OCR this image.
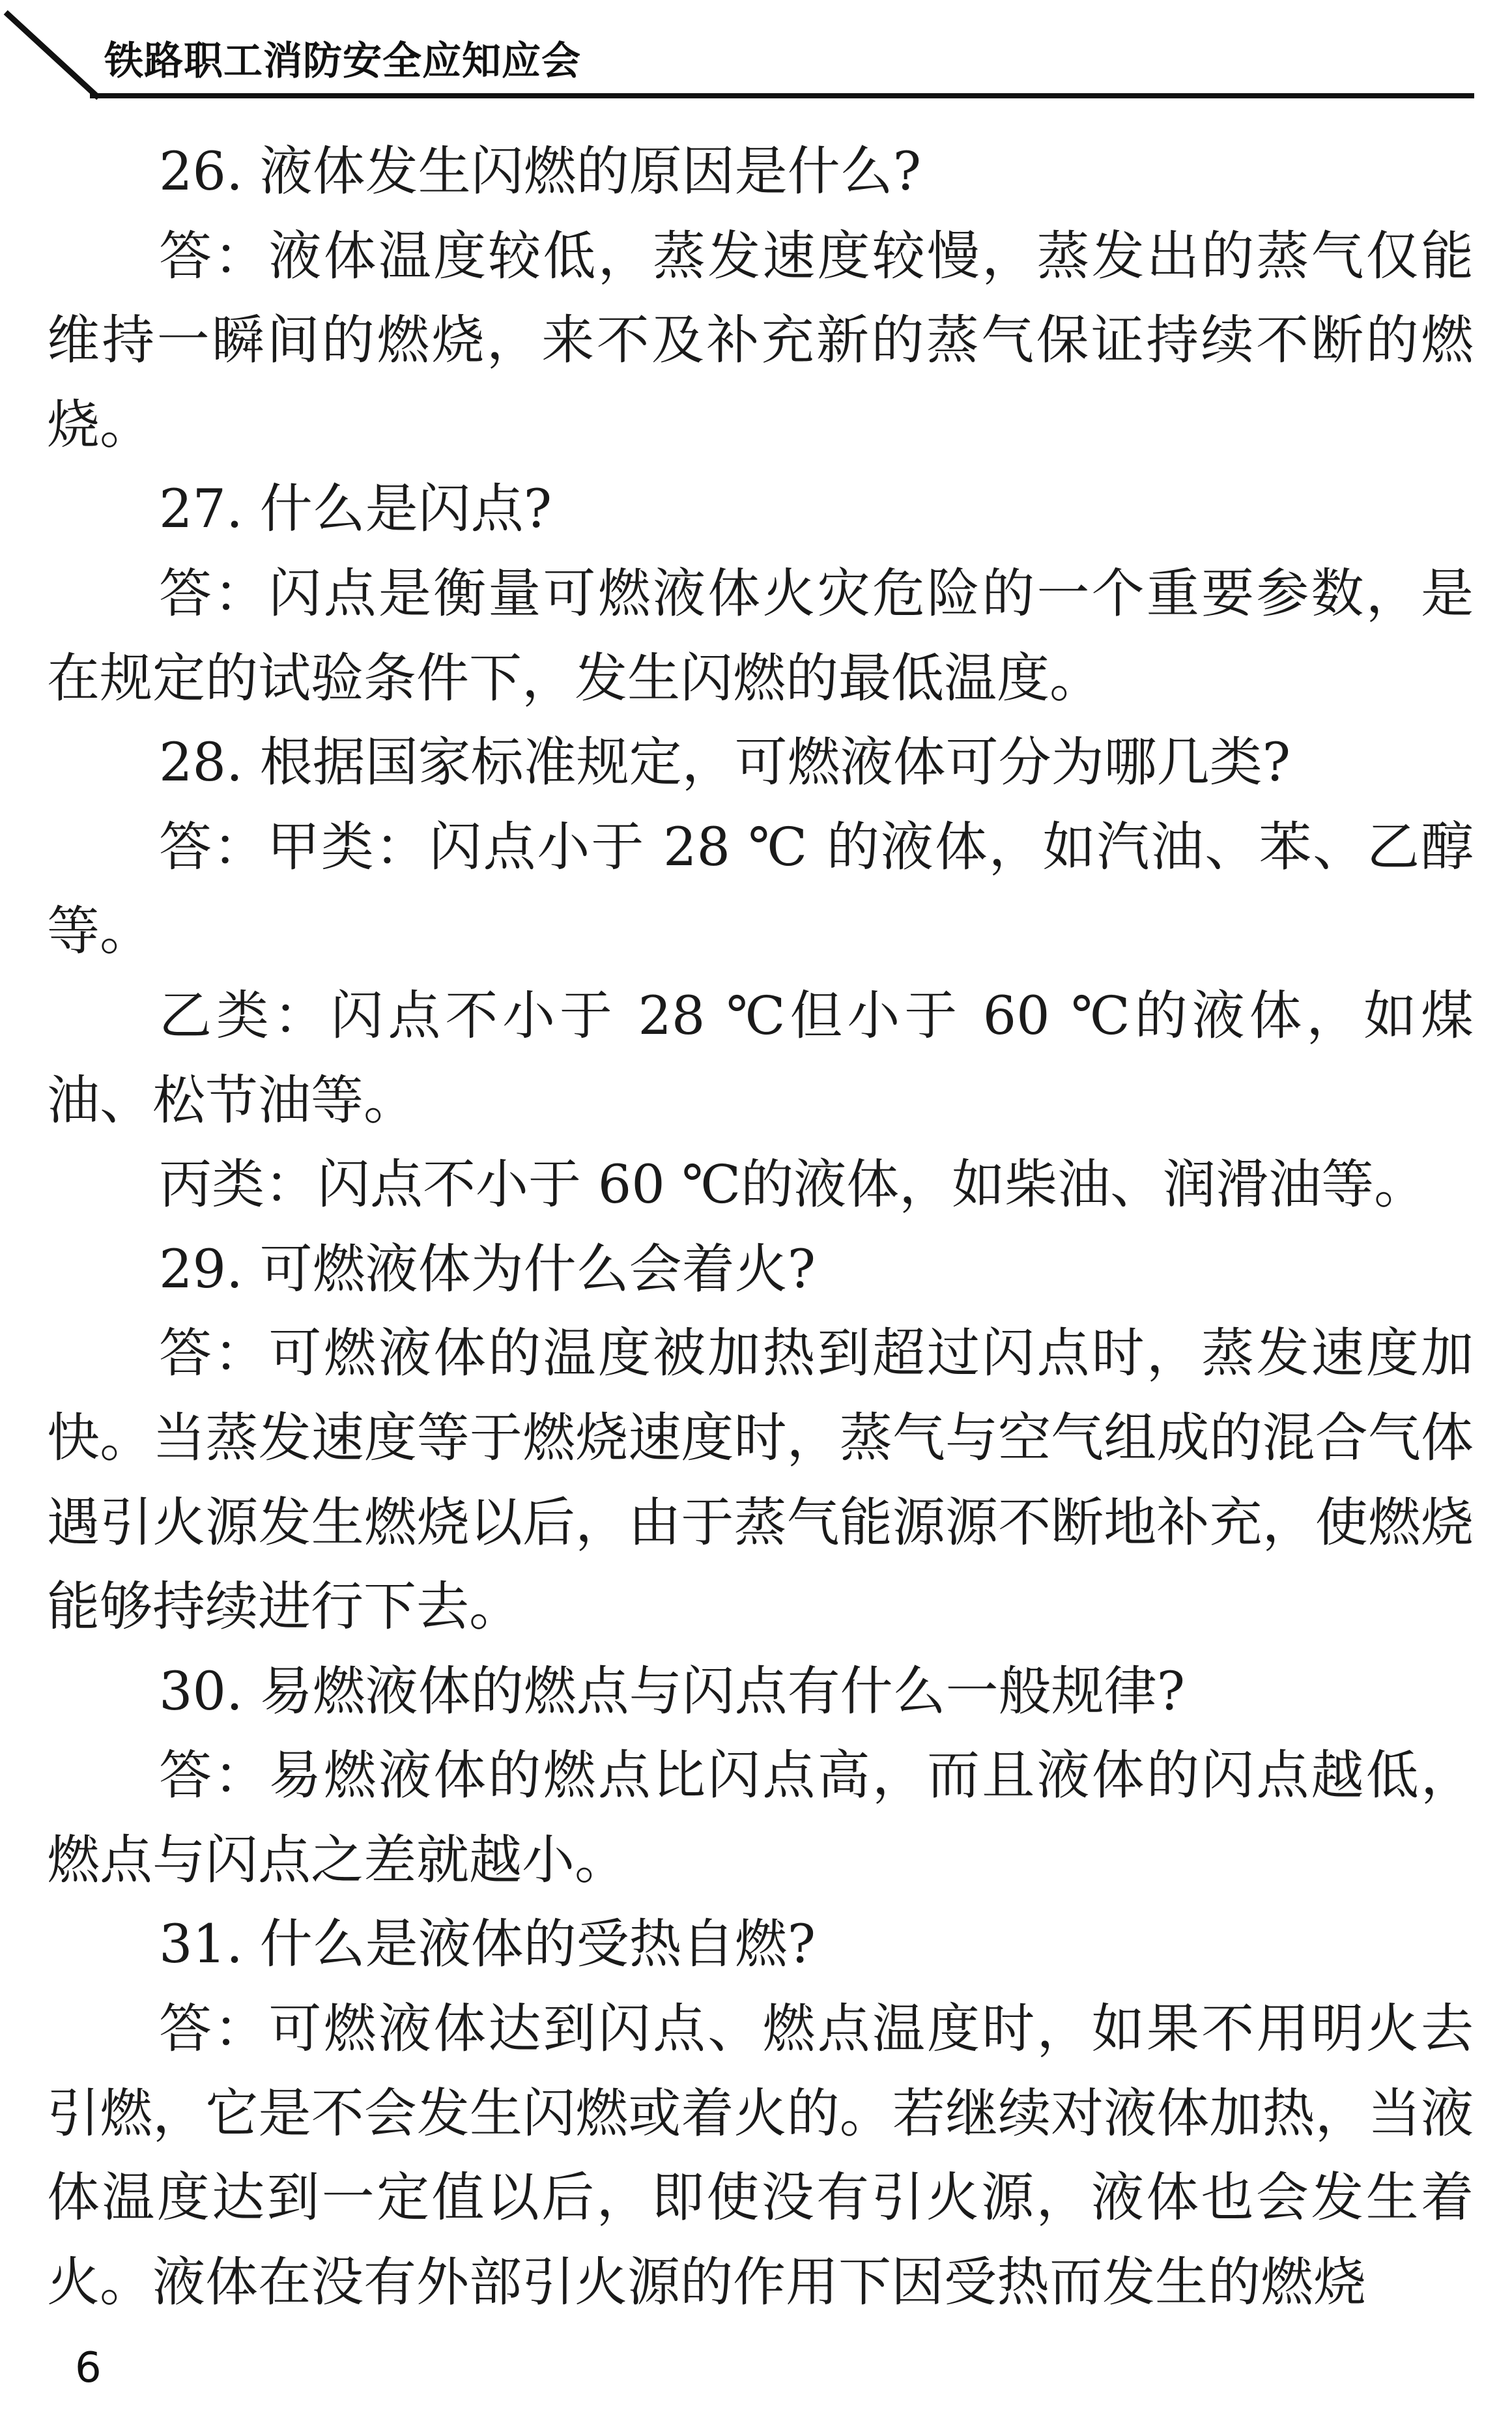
铁路职工消防安全应知应会

26. 液体发生闪燃的原因是什么?

答：液体温度较低，蒸发速度较慢，蒸发出的蒸气仅能维持一瞬间的燃烧，来不及补充新的蒸气保证持续不断的燃烧。

27. 什么是闪点?

答：闪点是衡量可燃液体火灾危险的一个重要参数，是在规定的试验条件下，发生闪燃的最低温度。

28. 根据国家标准规定，可燃液体可分为哪几类?

答：甲类：闪点小于 28 ℃ 的液体，如汽油、苯、乙醇等。

乙类：闪点不小于 28 ℃但小于 60 ℃的液体，如煤油、松节油等。

丙类：闪点不小于 60 ℃的液体，如柴油、润滑油等。

29. 可燃液体为什么会着火?

答：可燃液体的温度被加热到超过闪点时，蒸发速度加快。当蒸发速度等于燃烧速度时，蒸气与空气组成的混合气体遇引火源发生燃烧以后，由于蒸气能源源不断地补充，使燃烧能够持续进行下去。

30. 易燃液体的燃点与闪点有什么一般规律?

答：易燃液体的燃点比闪点高，而且液体的闪点越低，燃点与闪点之差就越小。

31. 什么是液体的受热自燃?

答：可燃液体达到闪点、燃点温度时，如果不用明火去引燃，它是不会发生闪燃或着火的。若继续对液体加热，当液体温度达到一定值以后，即使没有引火源，液体也会发生着火。液体在没有外部引火源的作用下因受热而发生的燃烧

6
